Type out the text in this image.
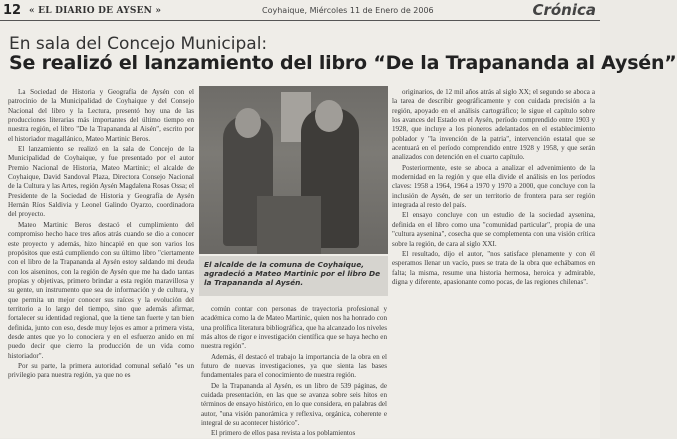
12 « EL DIARIO DE AYSEN »	Coyhaique, Miércoles 11 de Enero de 2006	Crónica
En sala del Concejo Municipal:
Se realizó el lanzamiento del libro “De la Trapananda al Aysén”

La Sociedad de Historia y Geografía de Aysén con el patrocinio de la Municipalidad de Coyhaique y del Consejo Nacional del libro y la Lectura, presentó hoy una de las producciones literarias más importantes del último tiempo en nuestra región, el libro "De la Trapananda al Aisén", escrito por el historiador magallánico, Mateo Martinic Beros.

El lanzamiento se realizó en la sala de Concejo de la Municipalidad de Coyhaique, y fue presentado por el autor Premio Nacional de Historia, Mateo Martinic; el alcalde de Coyhaique, David Sandoval Plaza, Directora Consejo Nacional de la Cultura y las Artes, región Aysén Magdalena Rosas Ossa; el Presidente de la Sociedad de Historia y Geografía de Aysén Hernán Ríos Saldivia y Leonel Galindo Oyarzo, coordinadora del proyecto.

Mateo Martinic Beros destacó el cumplimiento del compromiso hecho hace tres años atrás cuando se dio a conocer este proyecto y además, hizo hincapié en que son varios los propósitos que está cumpliendo con su último libro "ciertamente con el libro de la Trapananda al Aysén estoy saldando mi deuda con los aiseninos, con la región de Aysén que me ha dado tantas propias y objetivas, primero brindar a esta región maravillosa y su gente, un instrumento que sea de información y de cultura, y que permita un mejor conocer sus raíces y la evolución del territorio a lo largo del tiempo, sino que además afirmar, fortalecer su identidad regional, que la tiene tan fuerte y tan bien definida, junto con eso, desde muy lejos es amor a primera vista, desde antes que yo lo conociera y en el esfuerzo anido en mí puedo decir que cierro la producción de un vida como historiador".

Por su parte, la primera autoridad comunal señaló "es un privilegio para nuestra región, ya que no es

El alcalde de la comuna de Coyhaique, agradeció a Mateo Martinic por el libro De la Trapananda al Aysén.

común contar con personas de trayectoria profesional y académica como la de Mateo Martinic, quien nos ha honrado con una prolífica literatura bibliográfica, que ha alcanzado los niveles más altos de rigor e investigación científica que se haya hecho en nuestra región".

Además, él destacó el trabajo la importancia de la obra en el futuro de nuevas investigaciones, ya que sienta las bases fundamentales para el conocimiento de nuestra región.

De la Trapananda al Aysén, es un libro de 539 páginas, de cuidada presentación, en las que se avanza sobre seis hitos en términos de ensayo histórico, en lo que considera, en palabras del autor, "una visión panorámica y reflexiva, orgánica, coherente e integral de su acontecer histórico".

El primero de ellos pasa revista a los poblamientos

originarios, de 12 mil años atrás al siglo XX; el segundo se aboca a la tarea de describir geográficamente y con cuidada precisión a la región, apoyado en el análisis cartográfico; le sigue el capítulo sobre los avances del Estado en el Aysén, período comprendido entre 1903 y 1928, que incluye a los pioneros adelantados en el establecimiento poblador y "la invención de la patria", intervención estatal que se acentuará en el período comprendido entre 1928 y 1958, y que serán analizados con detención en el cuarto capítulo.

Posteriormente, este se aboca a analizar el advenimiento de la modernidad en la región y que ella divide el análisis en los períodos claves: 1958 a 1964, 1964 a 1970 y 1970 a 2000, que concluye con la inclusión de Aysén, de ser un territorio de frontera para ser región integrada al resto del país.

El ensayo concluye con un estudio de la sociedad aysenina, definida en el libro como una "comunidad particular", propia de una "cultura aysenina", cosecha que se complementa con una visión crítica sobre la región, de cara al siglo XXI.

El resultado, dijo el autor, "nos satisface plenamente y con él esperamos llenar un vacío, pues se trata de la obra que echábamos en falta; la misma, resume una historia hermosa, heroica y admirable, digna y diferente, apasionante como pocas, de las regiones chilenas".
